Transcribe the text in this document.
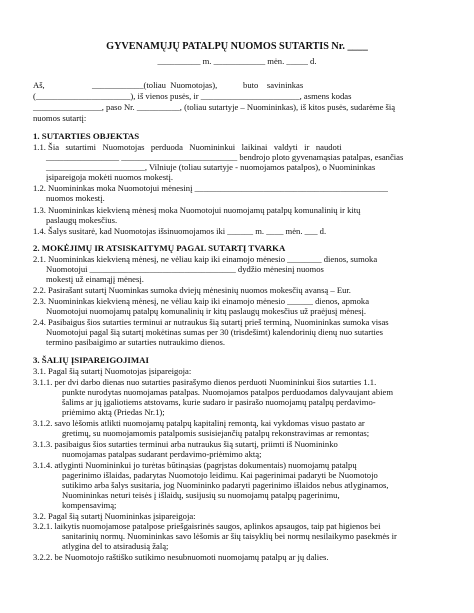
GYVENAMŲJŲ PATALPŲ NUOMOS SUTARTIS Nr. ____
__________ m. ____________ mėn. _____ d.
Aš,                      ____________(toliau  Nuomotojas),            buto    savininkas
(______________________), iš vienos pusės, ir _______________________, asmens kodas
________________, paso Nr. __________, (toliau sutartyje – Nuomininkas), iš kitos pusės, sudarėme šią
nuomos sutartį:
1. SUTARTIES OBJEKTAS
1.1. Šia   sutartimi   Nuomotojas   perduoda   Nuomininkui   laikinai   valdyti   ir   naudoti
_________________ ___________________________ bendrojo ploto gyvenamąsias patalpas, esančias
_______________________, Vilniuje (toliau sutartyje - nuomojamos patalpos), o Nuomininkas
įsipareigoja mokėti nuomos mokestį.
1.2. Nuomininkas moka Nuomotojui mėnesinį _____________________________________________
nuomos mokestį.
1.3. Nuomininkas kiekvieną mėnesį moka Nuomotojui nuomojamų patalpų komunalinių ir kitų
paslaugų mokesčius.
1.4. Šalys susitarė, kad Nuomotojas išsinuomojamos iki ______ m. ____ mėn. ___ d.
2. MOKĖJIMŲ IR ATSISKAITYMŲ PAGAL SUTARTĮ TVARKA
2.1. Nuomininkas kiekvieną mėnesį, ne vėliau kaip iki einamojo mėnesio ________ dienos, sumoka
Nuomotojui __________________________________ dydžio mėnesinį nuomos
mokestį už einamąjį mėnesį.
2.2. Pasirašant sutartį Nuominkas sumoka dviejų mėnesinių nuomos mokesčių avansą – Eur.
2.3. Nuomininkas kiekvieną mėnesį, ne vėliau kaip iki einamojo mėnesio ______ dienos, apmoka
Nuomotojui nuomojamų patalpų komunalinių ir kitų paslaugų mokesčius už praėjusį mėnesį.
2.4. Pasibaigus šios sutarties terminui ar nutraukus šią sutartį prieš terminą, Nuomininkas sumoka visas
Nuomotojui pagal šią sutartį mokėtinas sumas per 30 (trisdešimt) kalendorinių dienų nuo sutarties
termino pasibaigimo ar sutarties nutraukimo dienos.
3. ŠALIŲ ĮSIPAREIGOJIMAI
3.1. Pagal šią sutartį Nuomotojas įsipareigoja:
3.1.1. per dvi darbo dienas nuo sutarties pasirašymo dienos perduoti Nuomininkui šios sutarties 1.1.
punkte nurodytas nuomojamas patalpas. Nuomojamos patalpos perduodamos dalyvaujant abiem
šalims ar jų įgaliotiems atstovams, kurie sudaro ir pasirašo nuomojamų patalpų perdavimo-
priėmimo aktą (Priedas Nr.1);
3.1.2. savo lėšomis atlikti nuomojamų patalpų kapitalinį remontą, kai vykdomas visuo pastato ar
gretimų, su nuomojamomis patalpomis susisiejančių patalpų rekonstravimas ar remontas;
3.1.3. pasibaigus šios sutarties terminui arba nutraukus šią sutartį, priimti iš Nuomininko
nuomojamas patalpas sudarant perdavimo-priėmimo aktą;
3.1.4. atlyginti Nuomininkui jo turėtas būtinąsias (pagrįstas dokumentais) nuomojamų patalpų
pagerinimo išlaidas, padarytas Nuomotojo leidimu. Kai pagerinimai padaryti be Nuomotojo
sutikimo arba šalys susitaria, jog Nuomininko padaryti pagerinimo išlaidos nebus atlyginamos,
Nuomininkas neturi teisės į išlaidų, susijusių su nuomojamų patalpų pagerinimu,
kompensavimą;
3.2. Pagal šią sutartį Nuomininkas įsipareigoja:
3.2.1. laikytis nuomojamose patalpose priešgaisrinės saugos, aplinkos apsaugos, taip pat higienos bei
sanitarinių normų. Nuomininkas savo lėšomis ar šių taisyklių bei normų nesilaikymo pasekmės ir
atlygina del to atsiradusią žalą;
3.2.2. be Nuomotojo raštiško sutikimo nesubnuomoti nuomojamų patalpų ar jų dalies.
